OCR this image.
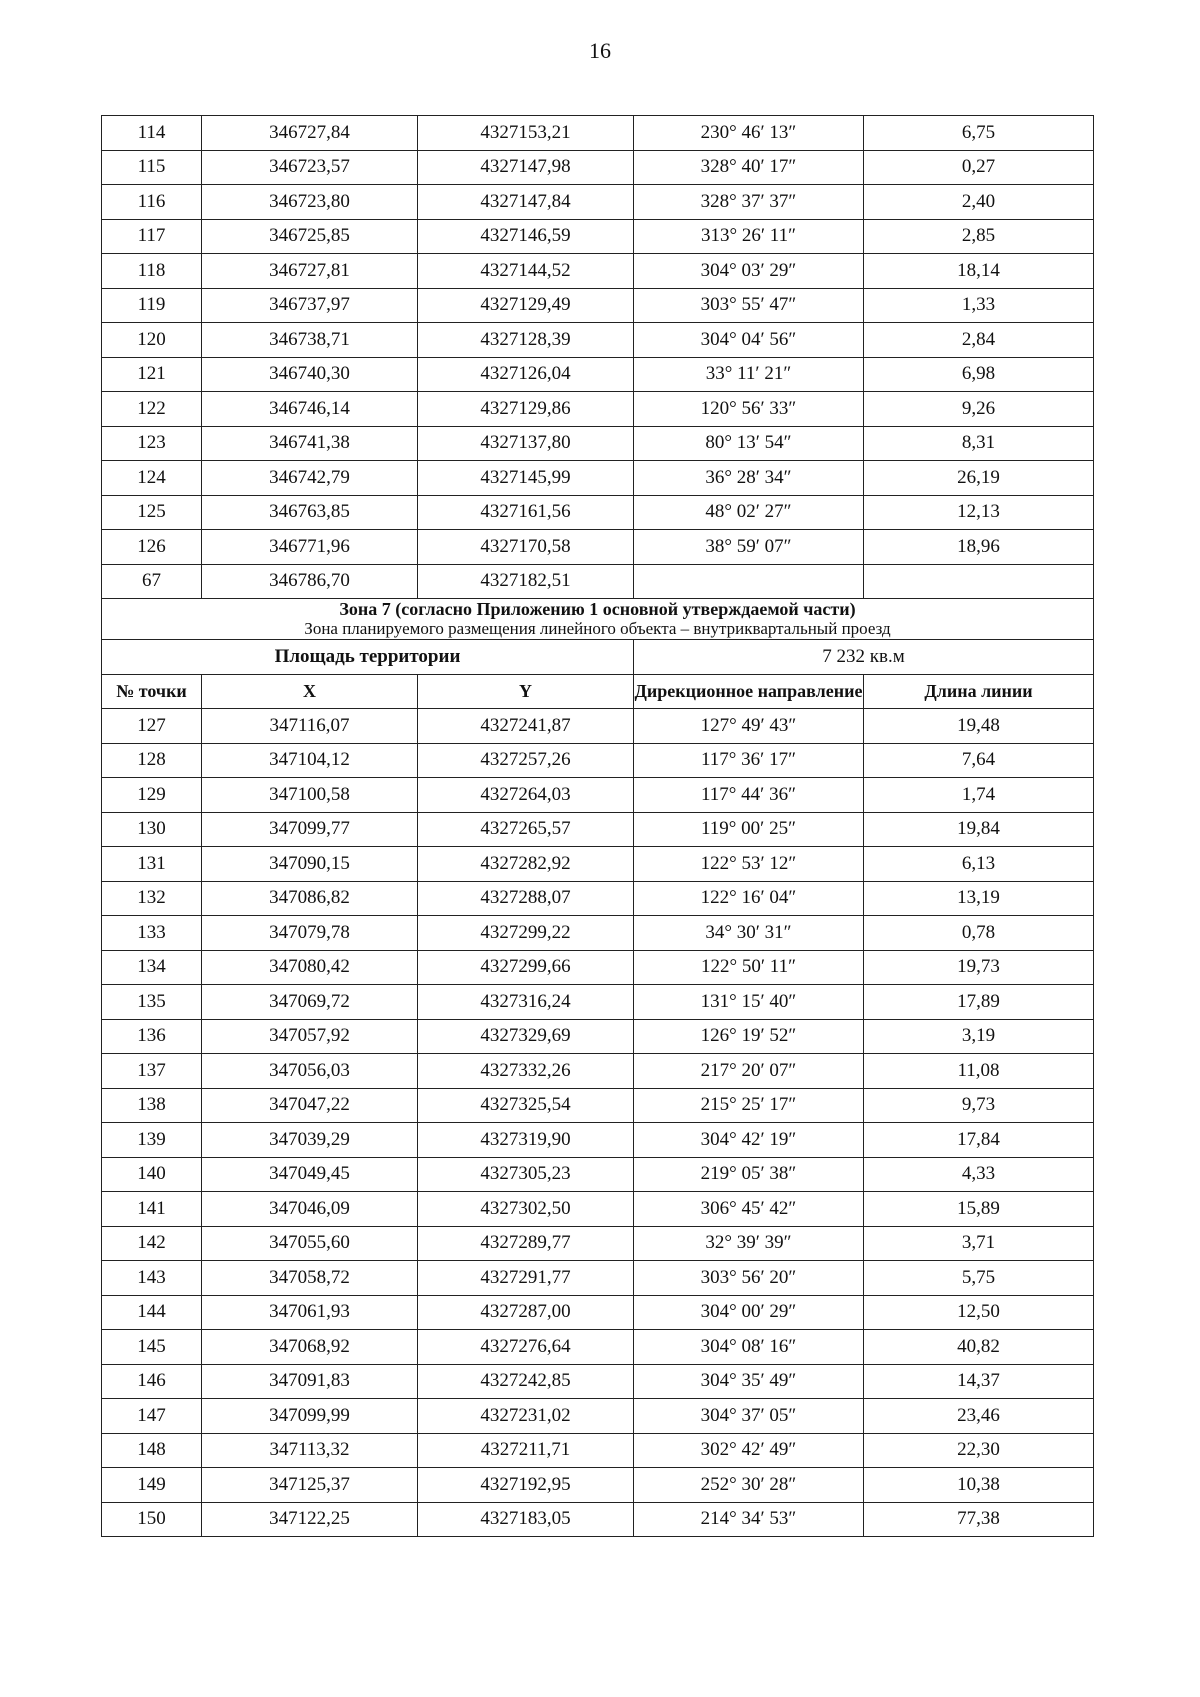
16
114	346727,84	4327153,21	230° 46′ 13″	6,75
115	346723,57	4327147,98	328° 40′ 17″	0,27
116	346723,80	4327147,84	328° 37′ 37″	2,40
117	346725,85	4327146,59	313° 26′ 11″	2,85
118	346727,81	4327144,52	304° 03′ 29″	18,14
119	346737,97	4327129,49	303° 55′ 47″	1,33
120	346738,71	4327128,39	304° 04′ 56″	2,84
121	346740,30	4327126,04	33° 11′ 21″	6,98
122	346746,14	4327129,86	120° 56′ 33″	9,26
123	346741,38	4327137,80	80° 13′ 54″	8,31
124	346742,79	4327145,99	36° 28′ 34″	26,19
125	346763,85	4327161,56	48° 02′ 27″	12,13
126	346771,96	4327170,58	38° 59′ 07″	18,96
67	346786,70	4327182,51		

Зона 7 (согласно Приложению 1 основной утверждаемой части)
Зона планируемого размещения линейного объекта – внутриквартальный проезд				

Площадь территории			7 232 кв.м	
№ точки	X	Y	Дирекционное направление	Длина линии
127	347116,07	4327241,87	127° 49′ 43″	19,48
128	347104,12	4327257,26	117° 36′ 17″	7,64
129	347100,58	4327264,03	117° 44′ 36″	1,74
130	347099,77	4327265,57	119° 00′ 25″	19,84
131	347090,15	4327282,92	122° 53′ 12″	6,13
132	347086,82	4327288,07	122° 16′ 04″	13,19
133	347079,78	4327299,22	34° 30′ 31″	0,78
134	347080,42	4327299,66	122° 50′ 11″	19,73
135	347069,72	4327316,24	131° 15′ 40″	17,89
136	347057,92	4327329,69	126° 19′ 52″	3,19
137	347056,03	4327332,26	217° 20′ 07″	11,08
138	347047,22	4327325,54	215° 25′ 17″	9,73
139	347039,29	4327319,90	304° 42′ 19″	17,84
140	347049,45	4327305,23	219° 05′ 38″	4,33
141	347046,09	4327302,50	306° 45′ 42″	15,89
142	347055,60	4327289,77	32° 39′ 39″	3,71
143	347058,72	4327291,77	303° 56′ 20″	5,75
144	347061,93	4327287,00	304° 00′ 29″	12,50
145	347068,92	4327276,64	304° 08′ 16″	40,82
146	347091,83	4327242,85	304° 35′ 49″	14,37
147	347099,99	4327231,02	304° 37′ 05″	23,46
148	347113,32	4327211,71	302° 42′ 49″	22,30
149	347125,37	4327192,95	252° 30′ 28″	10,38
150	347122,25	4327183,05	214° 34′ 53″	77,38
